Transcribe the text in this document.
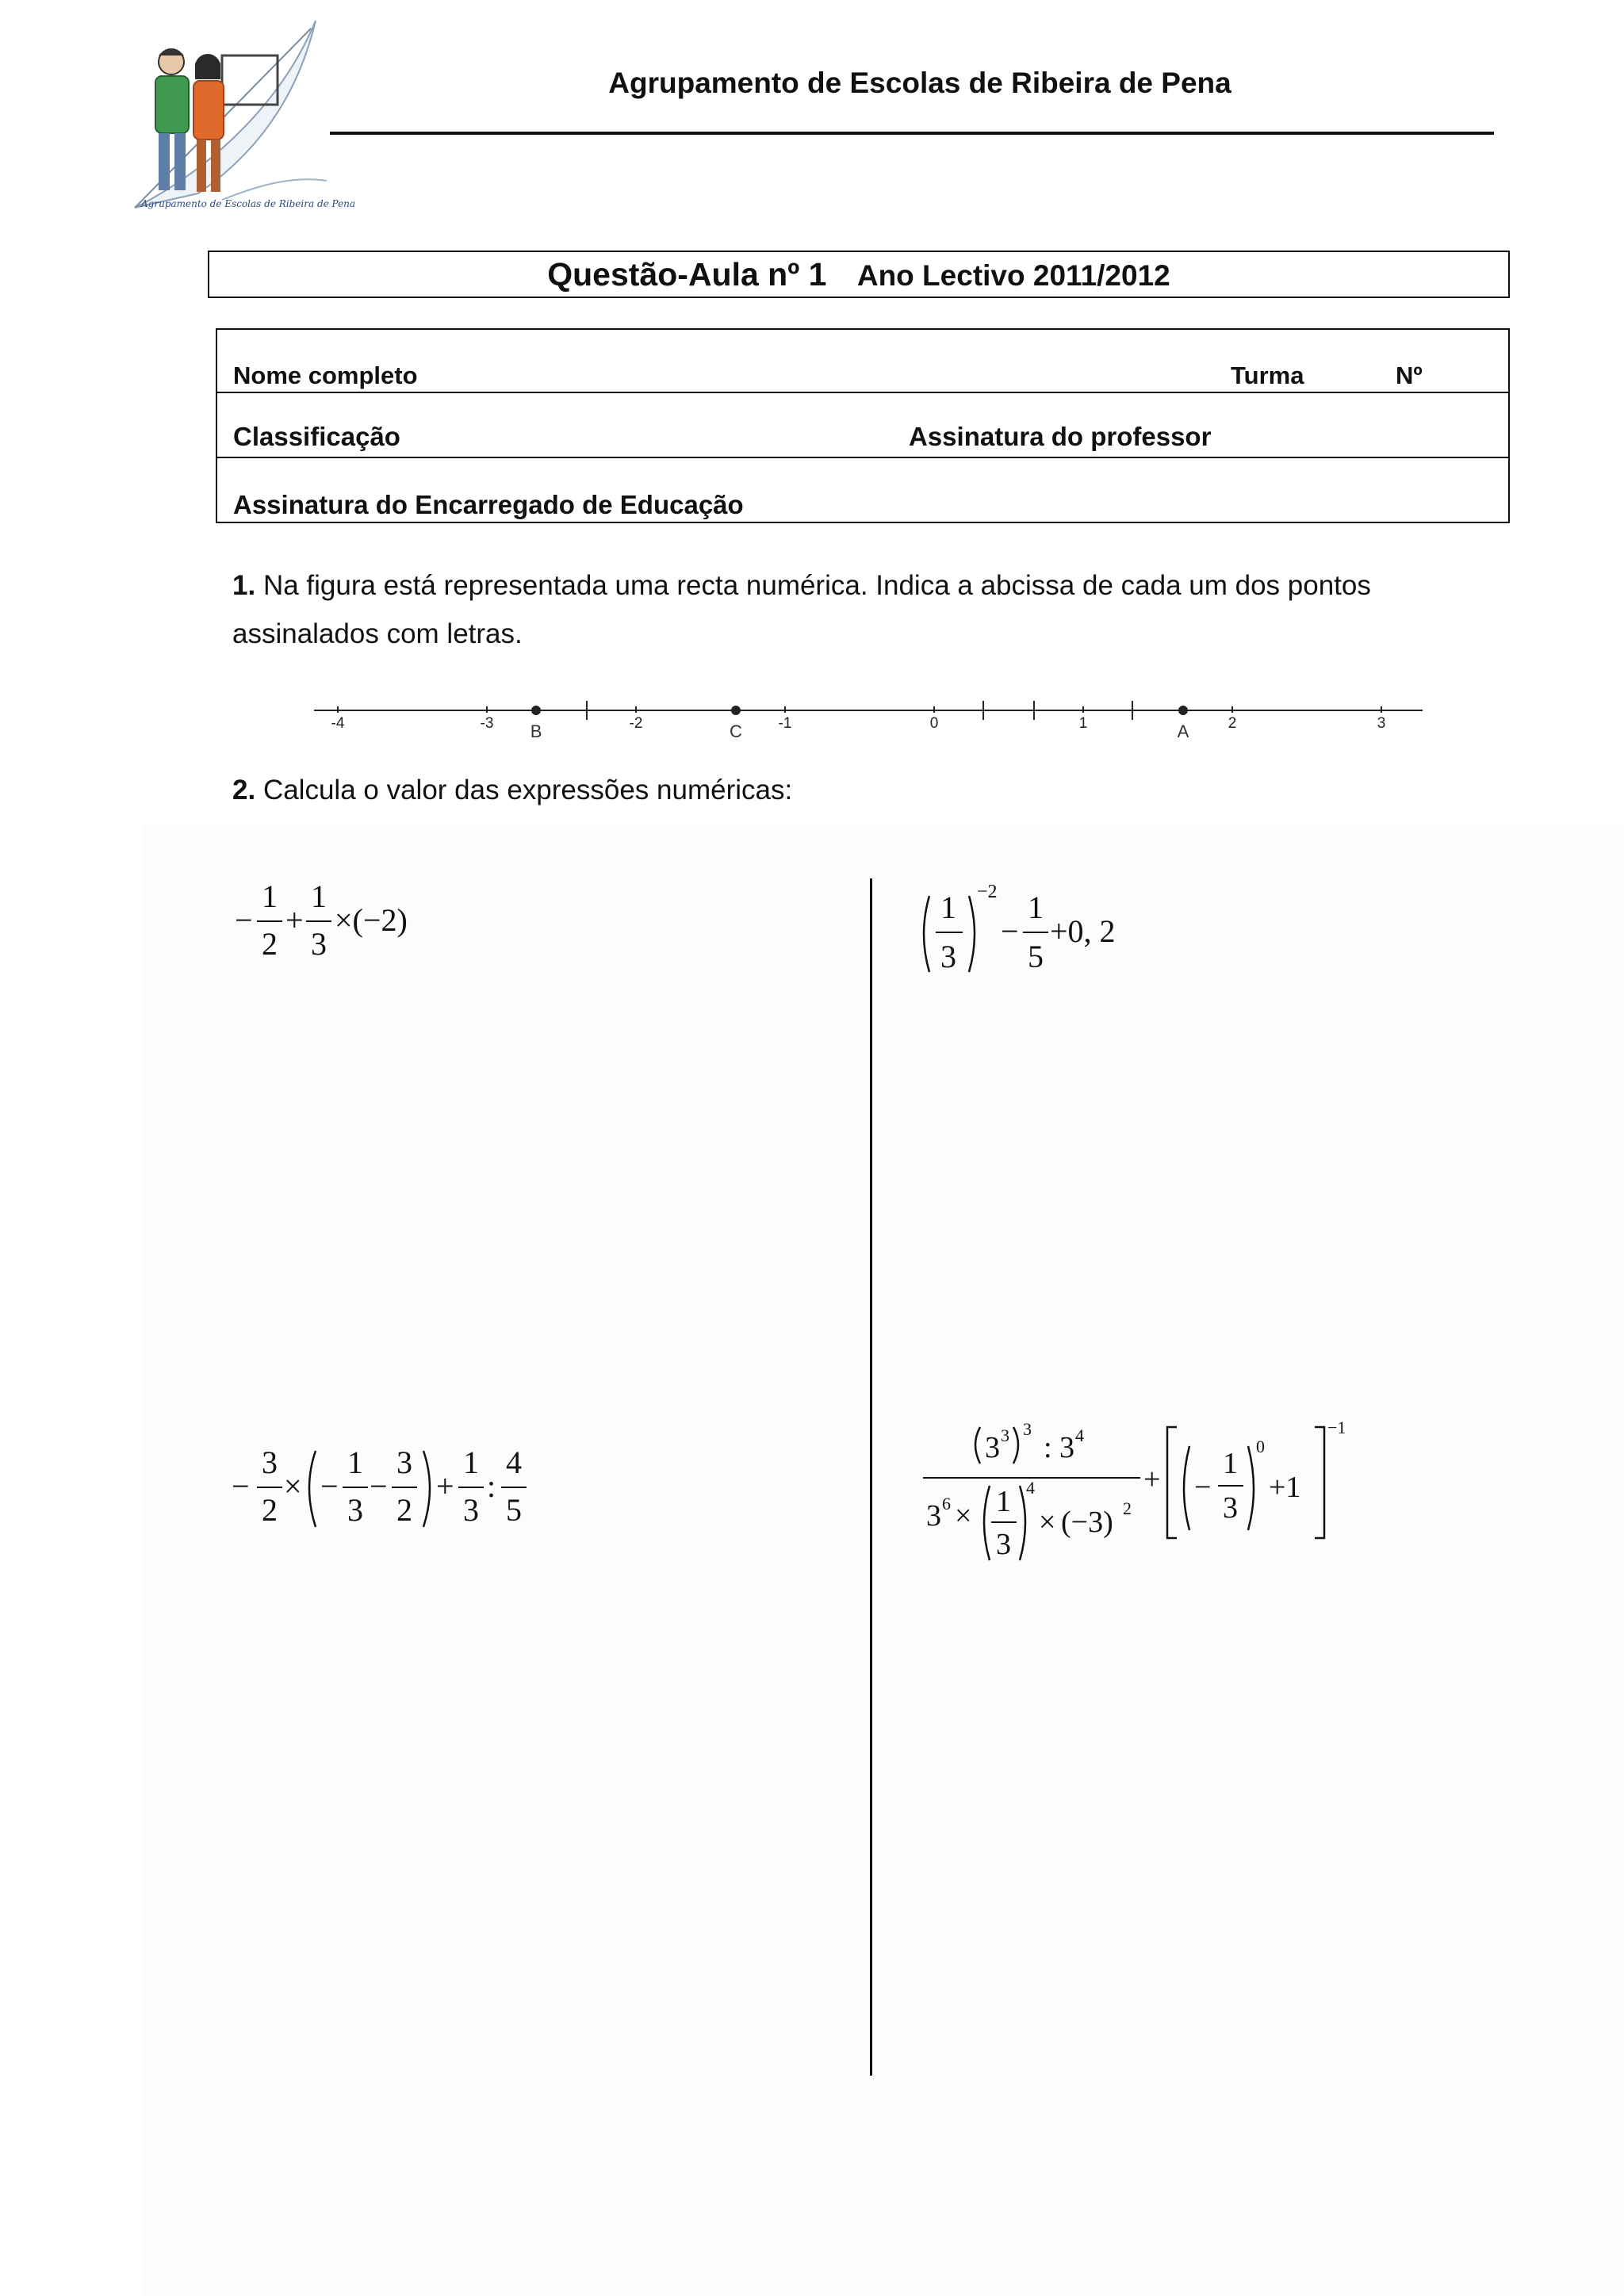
Agrupamento de Escolas de Ribeira de Pena
Agrupamento de Escolas de Ribeira de Pena
Questão-Aula nº 1 Ano Lectivo 2011/2012
Nome completo	Turma	Nº
Classificação	Assinatura do professor
Assinatura do Encarregado de Educação
1. Na figura está representada uma recta numérica. Indica a abcissa de cada um dos pontos assinalados com letras.
-4	-3	-2	-1	0	1	2	3
B	C	A
2. Calcula o valor das expressões numéricas:
−
1
2
+
1
3
×(−2)	1
3
−2
−
1
5
+0, 2
−
3
2
× −
1
3
−
3
2
+
1
3
:
4
5
3 3 3
: 3 4
3 6 × 1
3
4
× (−3) 2
+ −
1
3
0
+1
−1
